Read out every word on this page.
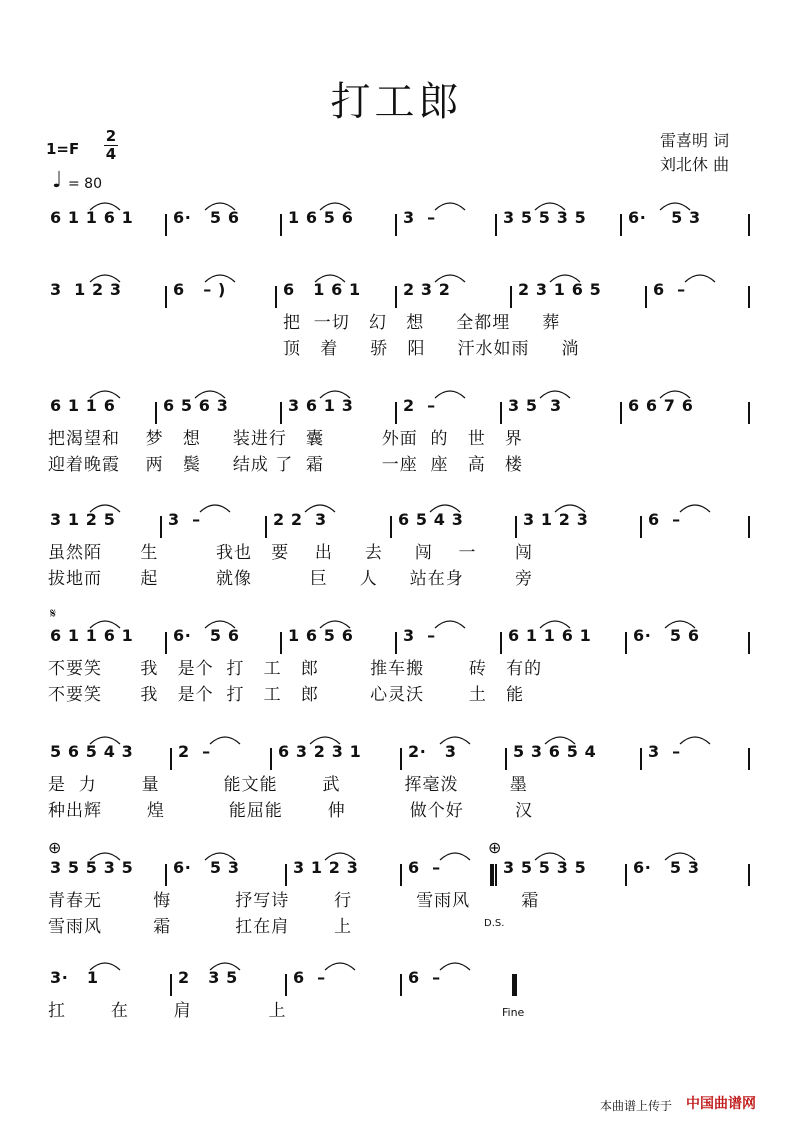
打工郎
雷喜明 词
刘北休 曲
1=F
2
4
♩ = 80
𝄋
⊕	⊕
D.S.
Fine
6 1 1 6 1 6·   5 6	1 6 5 6	3  –	3 5 5 3 5	6·    5 3
3  1 2 3	6   – )	6   1 6 1	2 3 2	2 3 1 6 5	6  –
把  一切   幻   想     全都埋     葬
顶   着     骄   阳     汗水如雨     淌
6 1 1 6	6 5 6 3	3 6 1 3	2  –	3 5  3	6 6 7 6
把渴望和    梦   想     装进行   囊         外面  的   世   界
迎着晚霞    两   鬓     结成 了  霜         一座  座   高   楼
3 1 2 5	3  –	2 2  3	6 5 4 3	3 1 2 3	6  –
虽然陌      生         我也   要    出     去     闯    一      闯
拔地而      起         就像         巨     人     站在身        旁
6 1 1 6 1 6·   5 6	1 6 5 6	3  –	6 1 1 6 1	6·   5 6
不要笑      我   是个  打   工   郎        推车搬       砖   有的
不要笑      我   是个  打   工   郎        心灵沃       土   能
5 6 5 4 3	2  –	6 3 2 3 1	2·   3	5 3 6 5 4	3  –
是  力       量          能文能       武          挥毫泼        墨
种出辉       煌          能屈能       伸          做个好        汉
3 5 5 3 5 6·   5 3	3 1 2 3	6  –	3 5 5 3 5	6·   5 3
青春无        悔          抒写诗       行          雪雨风        霜
雪雨风        霜          扛在肩       上
3·   1	2   3 5	6  –	6  –
扛       在       肩            上
本曲谱上传于 中国曲谱网
